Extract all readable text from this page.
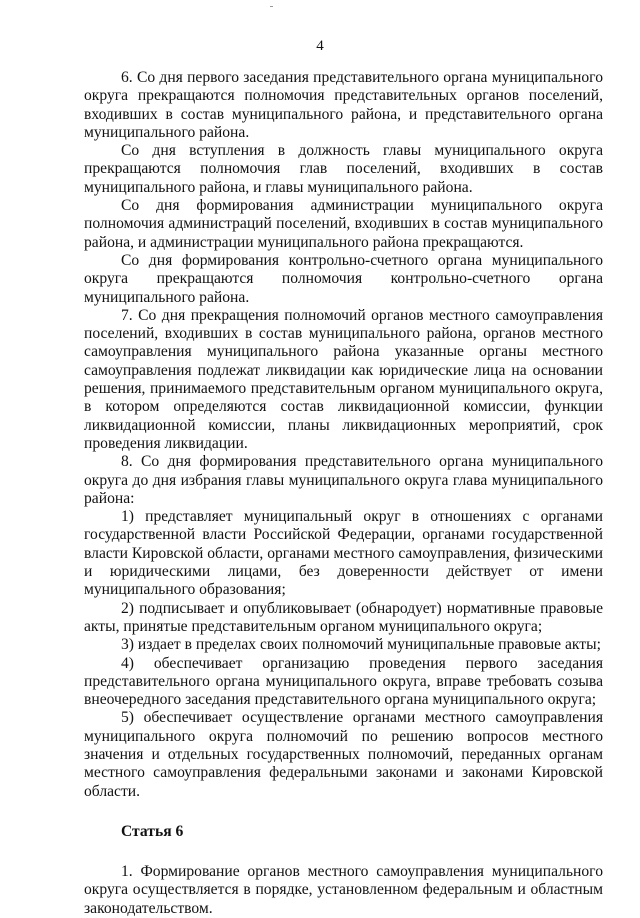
4

6. Со дня первого заседания представительного органа муниципального округа прекращаются полномочия представительных органов поселений, входивших в состав муниципального района, и представительного органа муниципального района.

Со дня вступления в должность главы муниципального округа прекращаются полномочия глав поселений, входивших в состав муниципального района, и главы муниципального района.

Со дня формирования администрации муниципального округа полномочия администраций поселений, входивших в состав муниципального района, и администрации муниципального района прекращаются.

Со дня формирования контрольно-счетного органа муниципального округа прекращаются полномочия контрольно-счетного органа муниципального района.

7. Со дня прекращения полномочий органов местного самоуправления поселений, входивших в состав муниципального района, органов местного самоуправления муниципального района указанные органы местного самоуправления подлежат ликвидации как юридические лица на основании решения, принимаемого представительным органом муниципального округа, в котором определяются состав ликвидационной комиссии, функции ликвидационной комиссии, планы ликвидационных мероприятий, срок проведения ликвидации.

8. Со дня формирования представительного органа муниципального округа до дня избрания главы муниципального округа глава муниципального района:

1) представляет муниципальный округ в отношениях с органами государственной власти Российской Федерации, органами государственной власти Кировской области, органами местного самоуправления, физическими и юридическими лицами, без доверенности действует от имени муниципального образования;

2) подписывает и опубликовывает (обнародует) нормативные правовые акты, принятые представительным органом муниципального округа;

3) издает в пределах своих полномочий муниципальные правовые акты;

4) обеспечивает организацию проведения первого заседания представительного органа муниципального округа, вправе требовать созыва внеочередного заседания представительного органа муниципального округа;

5) обеспечивает осуществление органами местного самоуправления муниципального округа полномочий по решению вопросов местного значения и отдельных государственных полномочий, переданных органам местного самоуправления федеральными законами и законами Кировской области.

Статья 6

1. Формирование органов местного самоуправления муниципального округа осуществляется в порядке, установленном федеральным и областным законодательством.
